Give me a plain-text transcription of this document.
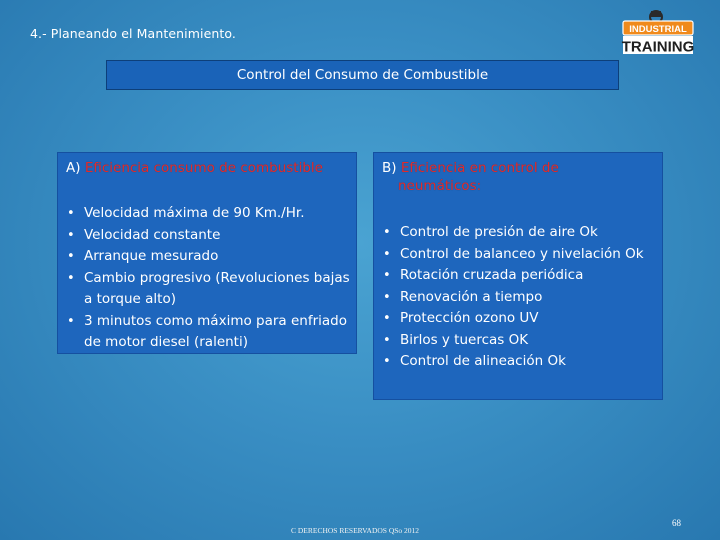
4.- Planeando el Mantenimiento.	INDUSTRIAL
TRAINING
Control del Consumo de Combustible
A) Eficiencia consumo de combustible
• Velocidad máxima de 90 Km./Hr.
• Velocidad constante
• Arranque mesurado
• Cambio progresivo (Revoluciones bajas a torque alto)
• 3 minutos como máximo para enfriado de motor diesel (ralenti)
B) Eficiencia en control de
neumáticos:
• Control de presión de aire Ok
• Control de balanceo y nivelación Ok
• Rotación cruzada periódica
• Renovación a tiempo
• Protección ozono UV
• Birlos y tuercas OK
• Control de alineación Ok
C DERECHOS RESERVADOS QSo 2012
68
